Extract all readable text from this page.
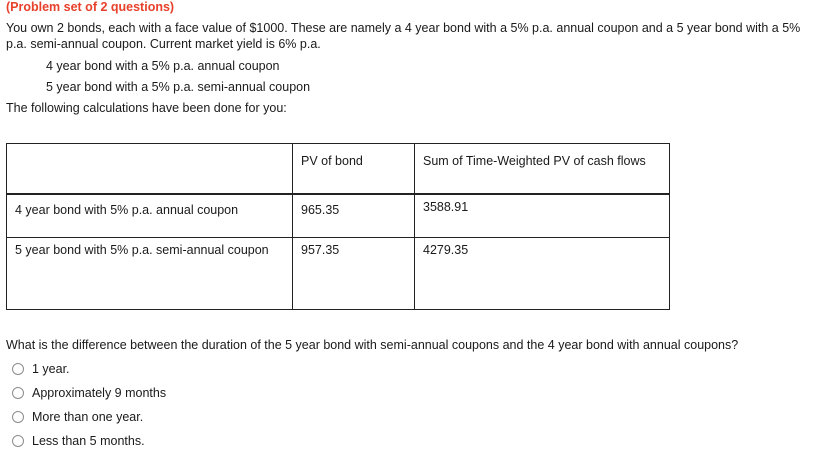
(Problem set of 2 questions)
You own 2 bonds, each with a face value of $1000. These are namely a 4 year bond with a 5% p.a. annual coupon and a 5 year bond with a 5% p.a. semi-annual coupon. Current market yield is 6% p.a.
4 year bond with a 5% p.a. annual coupon
5 year bond with a 5% p.a. semi-annual coupon
The following calculations have been done for you:
	PV of bond	Sum of Time-Weighted PV of cash flows
4 year bond with 5% p.a. annual coupon	965.35	3588.91
5 year bond with 5% p.a. semi-annual coupon	957.35	4279.35
What is the difference between the duration of the 5 year bond with semi-annual coupons and the 4 year bond with annual coupons?
1 year.
Approximately 9 months
More than one year.
Less than 5 months.
